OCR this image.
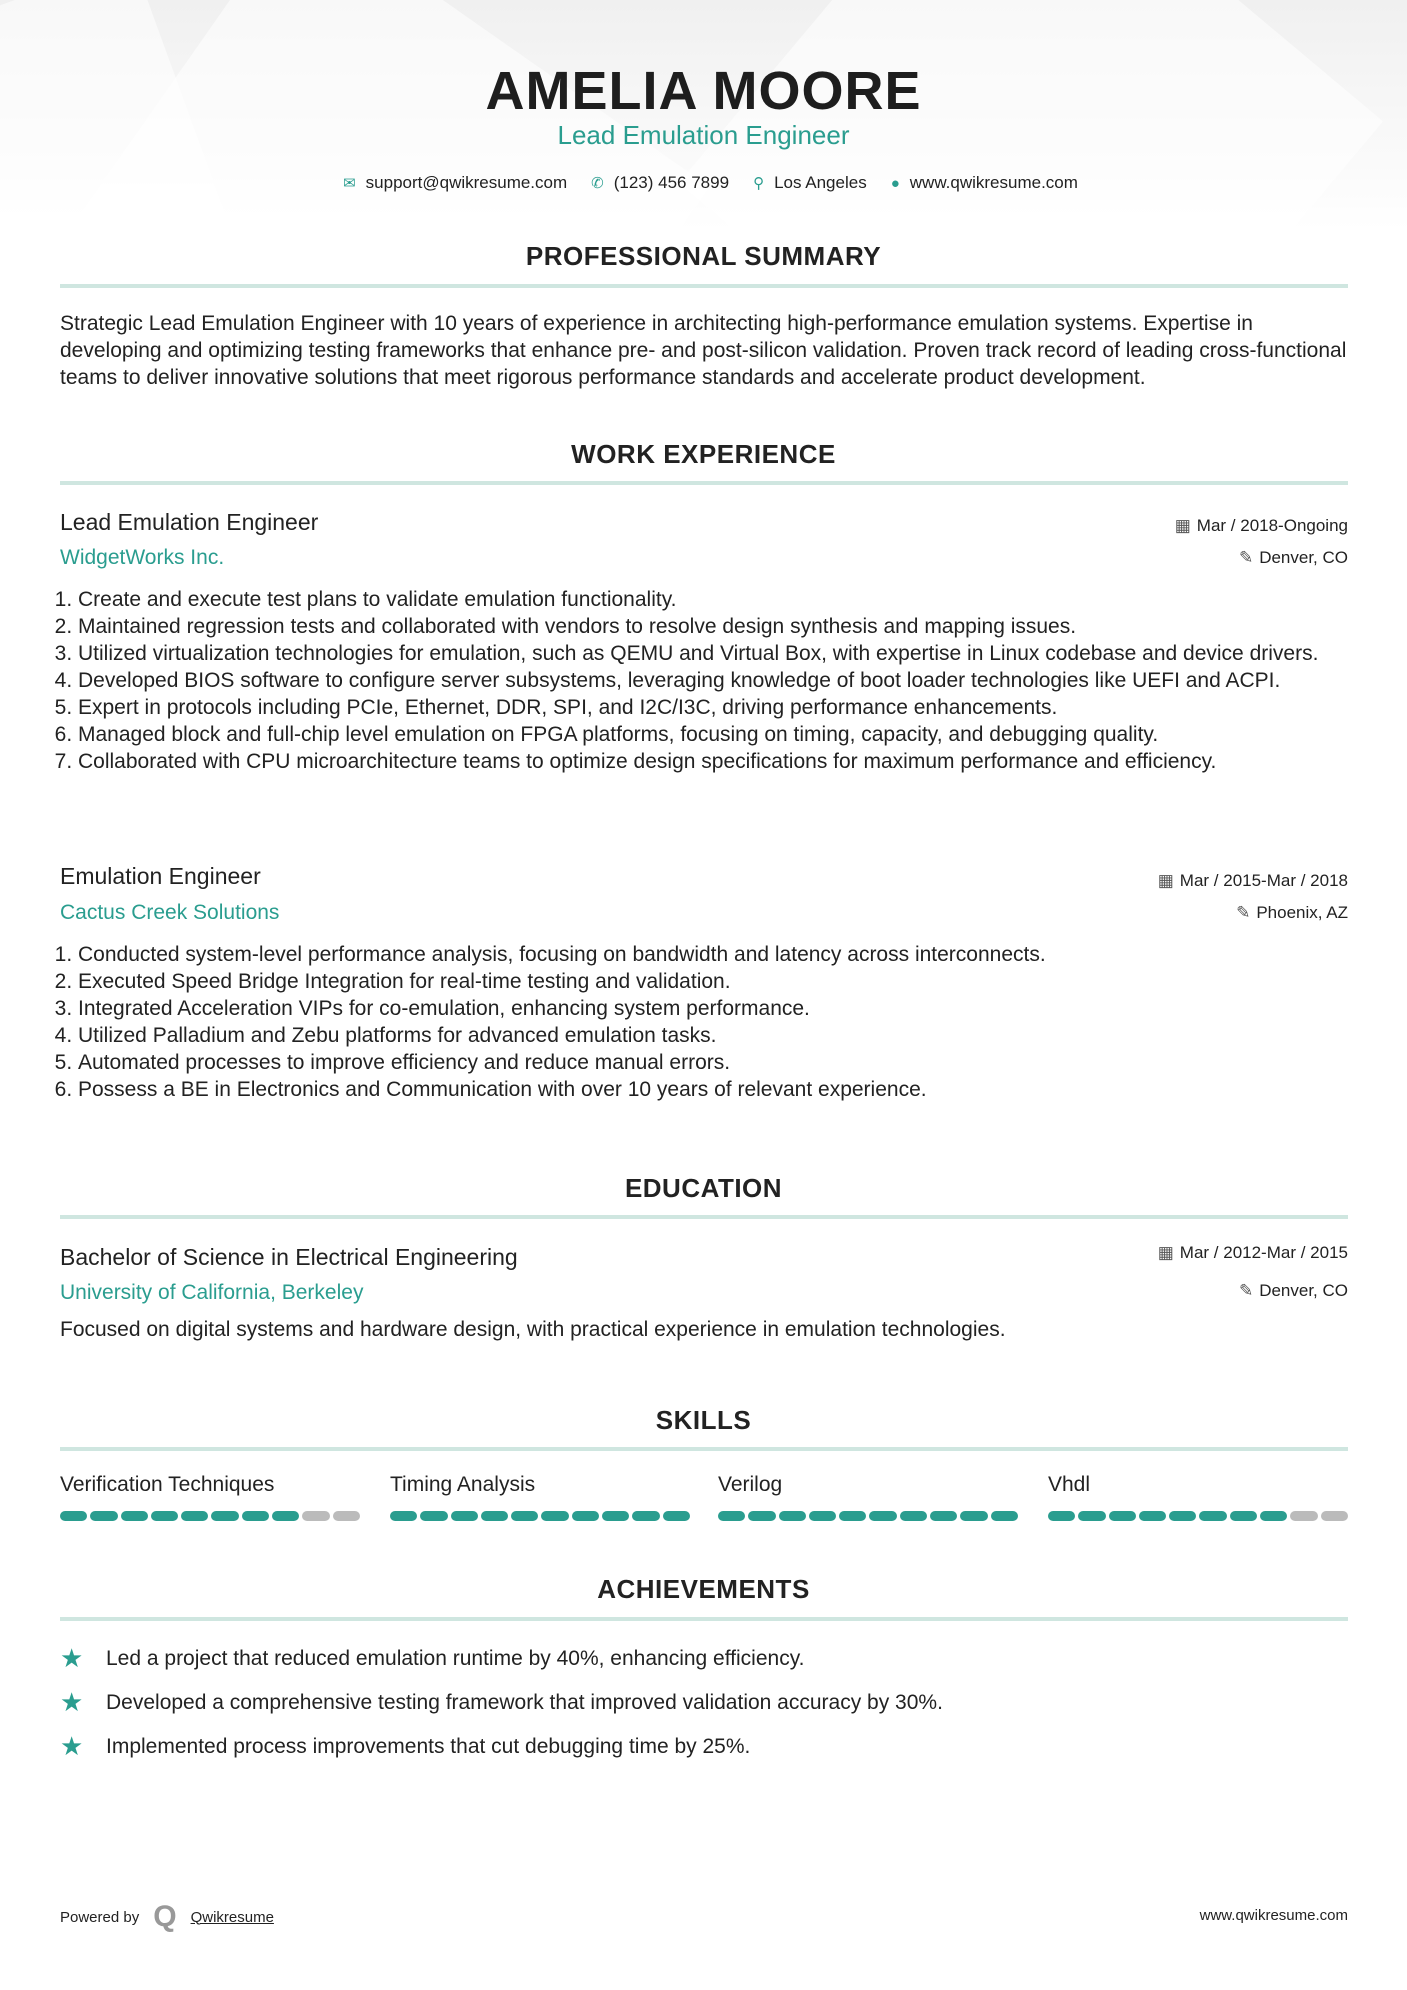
AMELIA MOORE
Lead Emulation Engineer
✉ support@qwikresume.com ✆ (123) 456 7899 ⚲ Los Angeles ● www.qwikresume.com
PROFESSIONAL SUMMARY
Strategic Lead Emulation Engineer with 10 years of experience in architecting high-performance emulation systems. Expertise in developing and optimizing testing frameworks that enhance pre- and post-silicon validation. Proven track record of leading cross-functional teams to deliver innovative solutions that meet rigorous performance standards and accelerate product development.
WORK EXPERIENCE
Lead Emulation Engineer
WidgetWorks Inc.
▦ Mar / 2018-Ongoing
✎ Denver, CO
1. Create and execute test plans to validate emulation functionality.
2. Maintained regression tests and collaborated with vendors to resolve design synthesis and mapping issues.
3. Utilized virtualization technologies for emulation, such as QEMU and Virtual Box, with expertise in Linux codebase and device drivers.
4. Developed BIOS software to configure server subsystems, leveraging knowledge of boot loader technologies like UEFI and ACPI.
5. Expert in protocols including PCIe, Ethernet, DDR, SPI, and I2C/I3C, driving performance enhancements.
6. Managed block and full-chip level emulation on FPGA platforms, focusing on timing, capacity, and debugging quality.
7. Collaborated with CPU microarchitecture teams to optimize design specifications for maximum performance and efficiency.
Emulation Engineer
Cactus Creek Solutions
▦ Mar / 2015-Mar / 2018
✎ Phoenix, AZ
1. Conducted system-level performance analysis, focusing on bandwidth and latency across interconnects.
2. Executed Speed Bridge Integration for real-time testing and validation.
3. Integrated Acceleration VIPs for co-emulation, enhancing system performance.
4. Utilized Palladium and Zebu platforms for advanced emulation tasks.
5. Automated processes to improve efficiency and reduce manual errors.
6. Possess a BE in Electronics and Communication with over 10 years of relevant experience.
EDUCATION
Bachelor of Science in Electrical Engineering
University of California, Berkeley
▦ Mar / 2012-Mar / 2015
✎ Denver, CO
Focused on digital systems and hardware design, with practical experience in emulation technologies.
SKILLS
Verification Techniques	Timing Analysis	Verilog	Vhdl
ACHIEVEMENTS
★	Led a project that reduced emulation runtime by 40%, enhancing efficiency.
★	Developed a comprehensive testing framework that improved validation accuracy by 30%.
★	Implemented process improvements that cut debugging time by 25%.
Powered by Q Qwikresume	www.qwikresume.com
